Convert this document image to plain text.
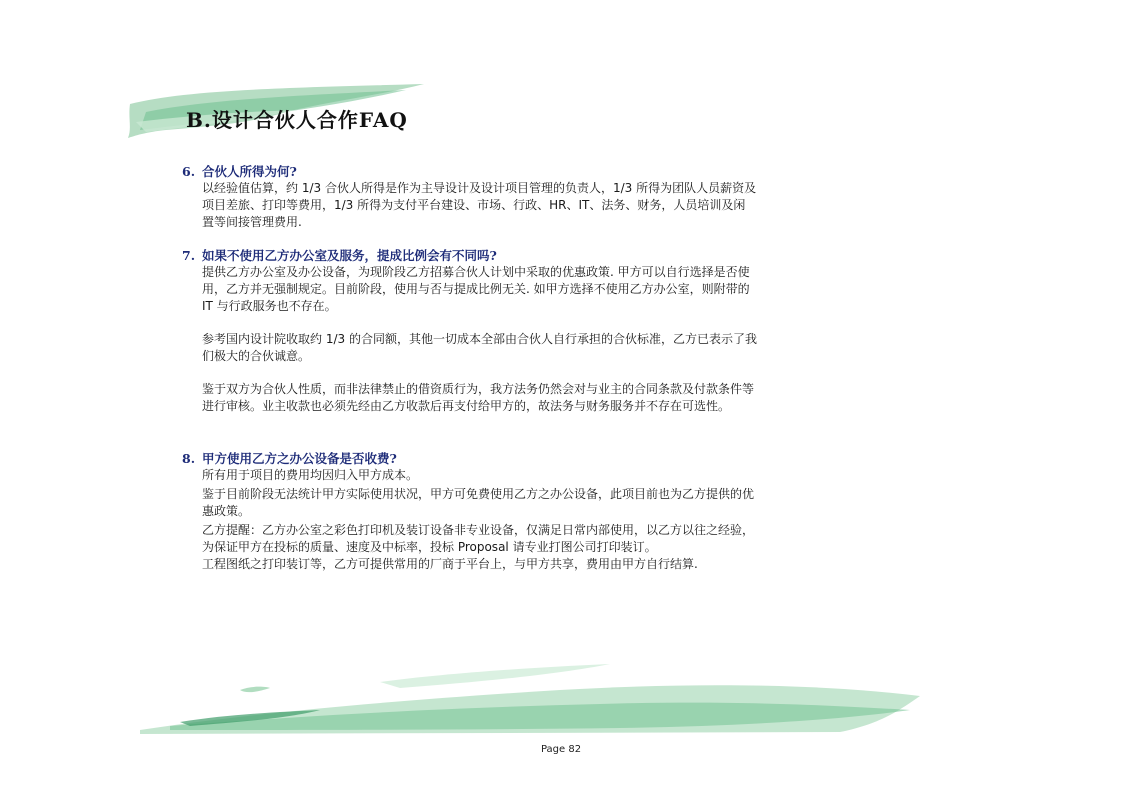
B.设计合伙人合作FAQ

6. 合伙人所得为何?

以经验值估算，约 1/3 合伙人所得是作为主导设计及设计项目管理的负责人，1/3 所得为团队人员薪资及项目差旅、打印等费用，1/3 所得为支付平台建设、市场、行政、HR、IT、法务、财务，人员培训及闲置等间接管理费用.

7. 如果不使用乙方办公室及服务，提成比例会有不同吗?

提供乙方办公室及办公设备，为现阶段乙方招募合伙人计划中采取的优惠政策. 甲方可以自行选择是否使用，乙方并无强制规定。目前阶段，使用与否与提成比例无关. 如甲方选择不使用乙方办公室，则附带的 IT 与行政服务也不存在。

参考国内设计院收取约 1/3 的合同额，其他一切成本全部由合伙人自行承担的合伙标准，乙方已表示了我们极大的合伙诚意。

鉴于双方为合伙人性质，而非法律禁止的借资质行为，我方法务仍然会对与业主的合同条款及付款条件等进行审核。业主收款也必须先经由乙方收款后再支付给甲方的，故法务与财务服务并不存在可选性。

8. 甲方使用乙方之办公设备是否收费?

所有用于项目的费用均因归入甲方成本。

鉴于目前阶段无法统计甲方实际使用状况，甲方可免费使用乙方之办公设备，此项目前也为乙方提供的优惠政策。

乙方提醒：乙方办公室之彩色打印机及装订设备非专业设备，仅满足日常内部使用，以乙方以往之经验，为保证甲方在投标的质量、速度及中标率，投标 Proposal 请专业打图公司打印装订。

工程图纸之打印装订等，乙方可提供常用的厂商于平台上，与甲方共享，费用由甲方自行结算.

Page 82
